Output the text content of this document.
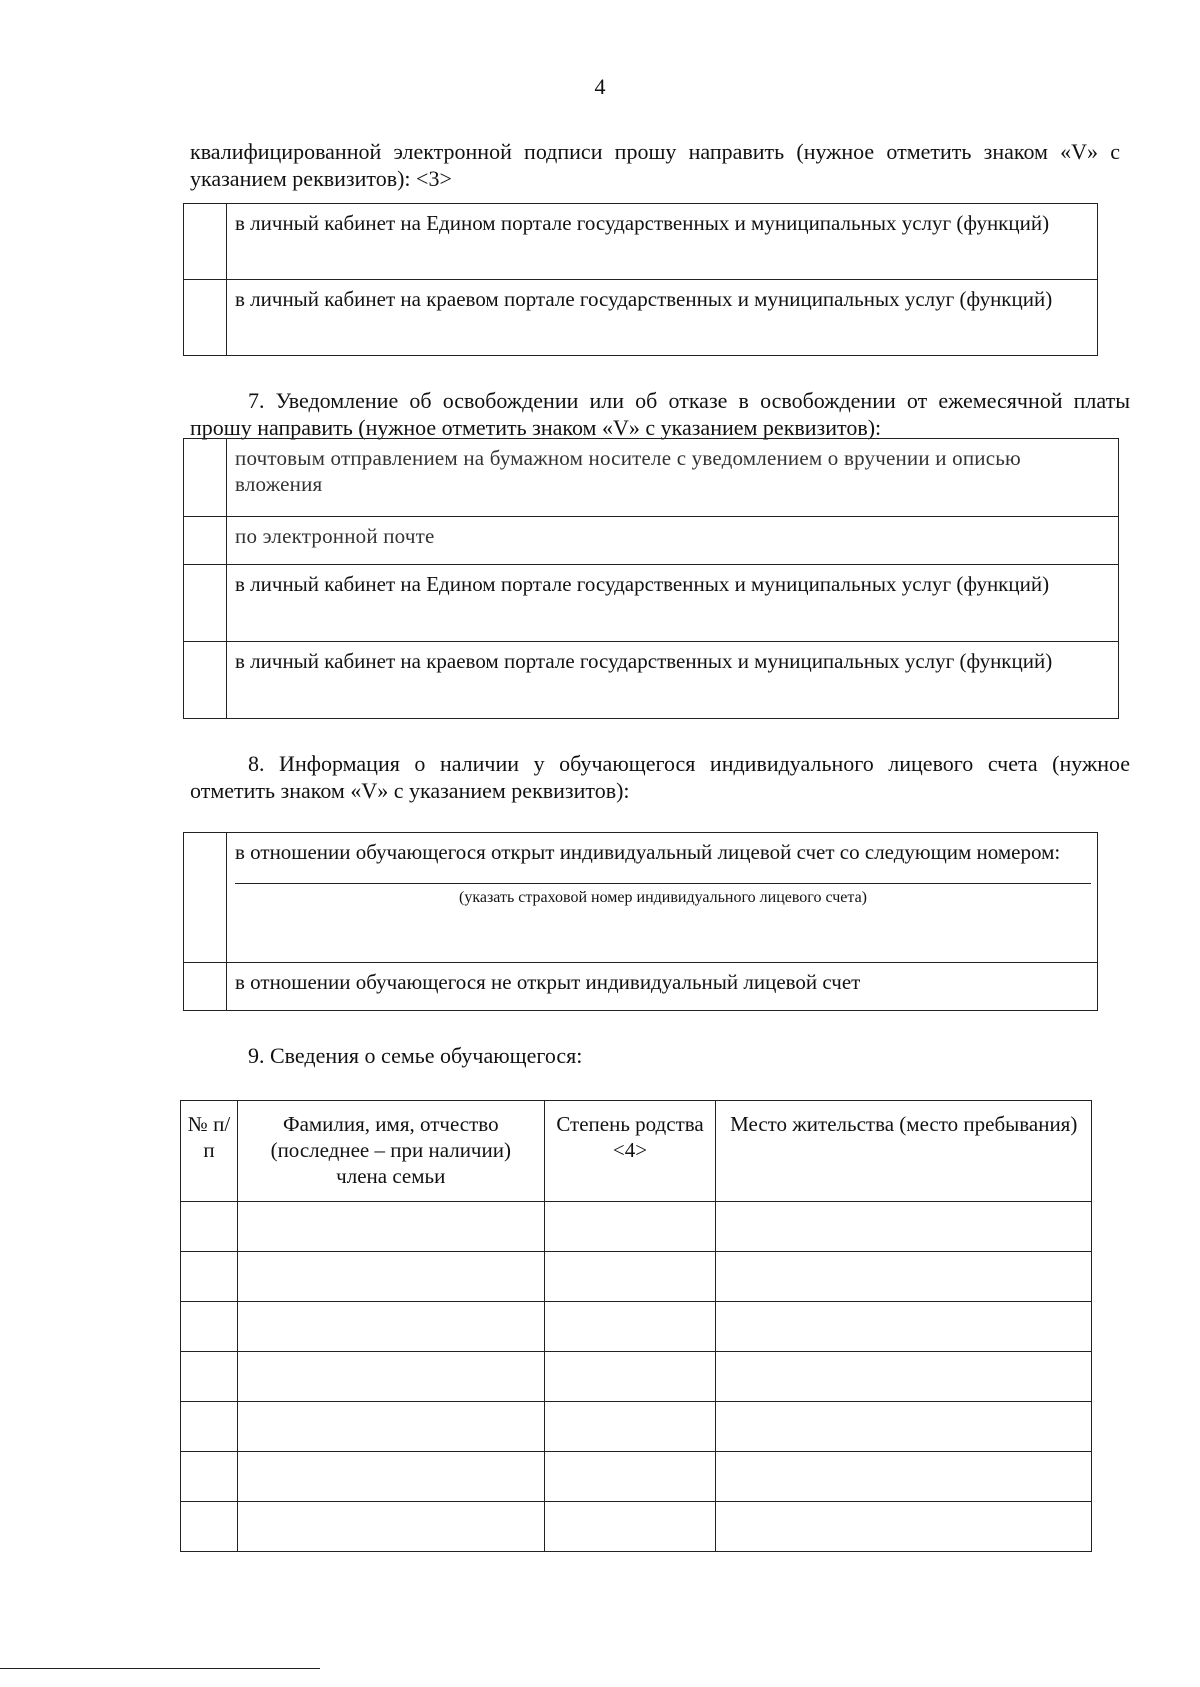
4

квалифицированной электронной подписи прошу направить (нужное отметить знаком «V» с указанием реквизитов): <3>

	в личный кабинет на Едином портале государственных и муниципальных услуг (функций)
	в личный кабинет на краевом портале государственных и муниципальных услуг (функций)

7. Уведомление об освобождении или об отказе в освобождении от ежемесячной платы прошу направить (нужное отметить знаком «V» с указанием реквизитов):

	почтовым отправлением на бумажном носителе с уведомлением о вручении и описью вложения
	по электронной почте
	в личный кабинет на Едином портале государственных и муниципальных услуг (функций)
	в личный кабинет на краевом портале государственных и муниципальных услуг (функций)

8. Информация о наличии у обучающегося индивидуального лицевого счета (нужное отметить знаком «V» с указанием реквизитов):

	в отношении обучающегося открыт индивидуальный лицевой счет со следующим номером:
(указать страховой номер индивидуального лицевого счета)

	в отношении обучающегося не открыт индивидуальный лицевой счет

9. Сведения о семье обучающегося:

№ п/п	Фамилия, имя, отчество (последнее – при наличии) члена семьи	Степень родства <4>	Место жительства (место пребывания)
